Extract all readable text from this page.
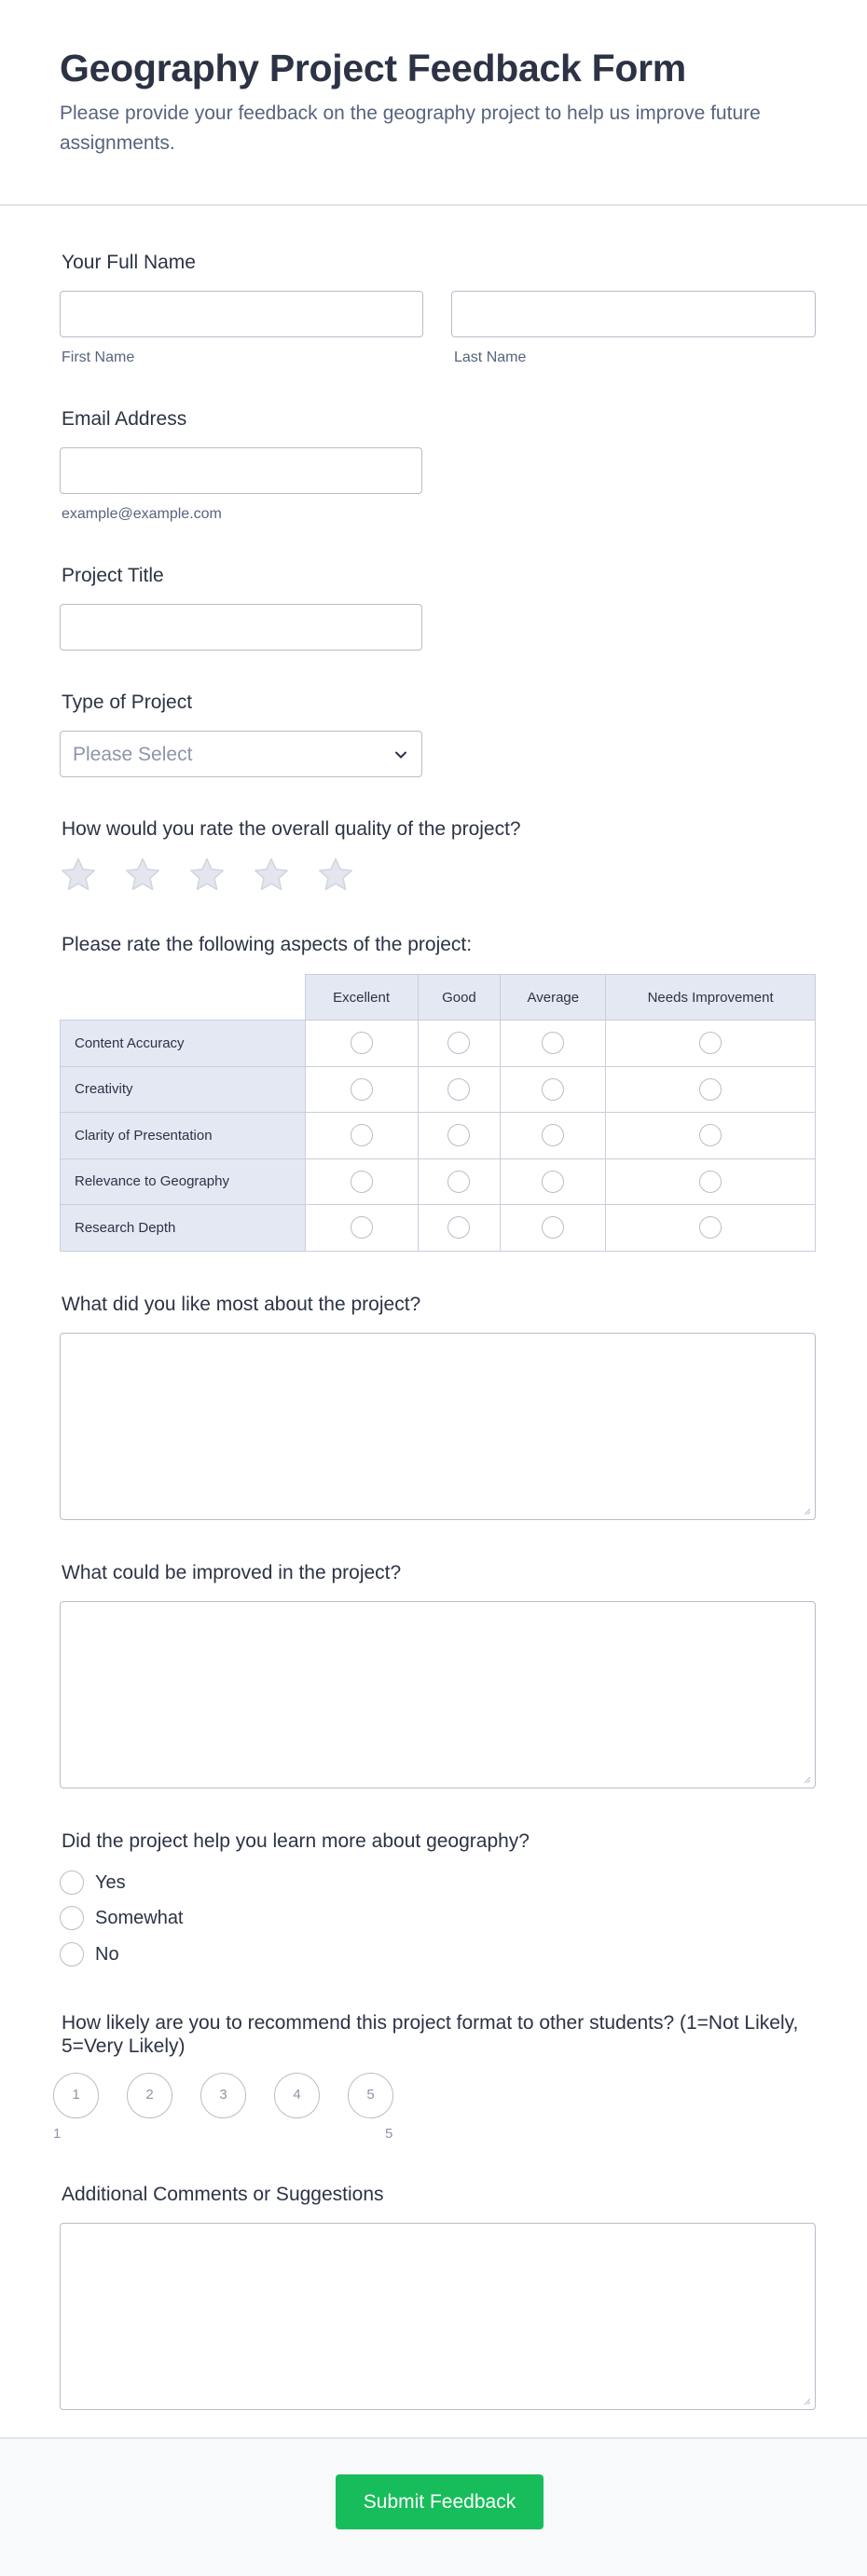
Geography Project Feedback Form
Please provide your feedback on the geography project to help us improve future assignments.
Your Full Name
First Name	Last Name
Email Address
example@example.com
Project Title
Type of Project
Please Select
How would you rate the overall quality of the project?
Please rate the following aspects of the project:
	Excellent	Good	Average	Needs Improvement
Content Accuracy				
Creativity				
Clarity of Presentation				
Relevance to Geography				
Research Depth				
What did you like most about the project?
What could be improved in the project?
Did the project help you learn more about geography?
Yes
Somewhat
No
How likely are you to recommend this project format to other students? (1=Not Likely, 5=Very Likely)
1	2	3	4	5
1	5
Additional Comments or Suggestions
Submit Feedback
